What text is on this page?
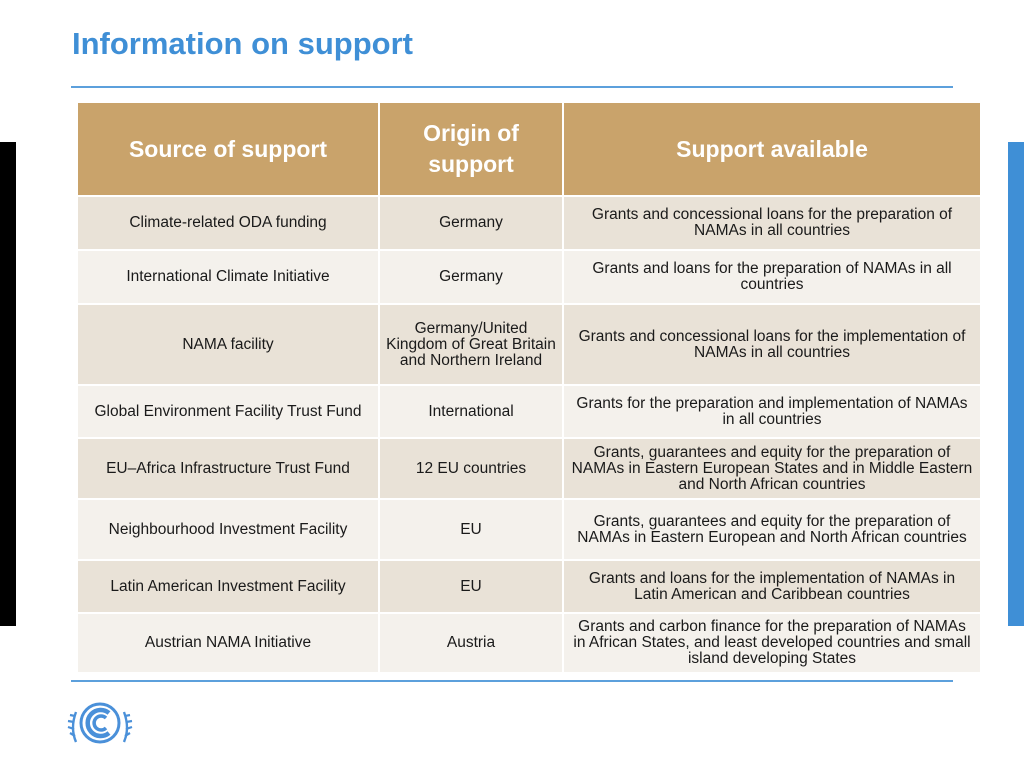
Information on support
Source of support	Origin of support	Support available
Climate-related ODA funding	Germany	Grants and concessional loans for the preparation of NAMAs in all countries
International Climate Initiative	Germany	Grants and loans for the preparation of NAMAs in all countries
NAMA facility	Germany/United Kingdom of Great Britain and Northern Ireland	Grants and concessional loans for the implementation of NAMAs in all countries
Global Environment Facility Trust Fund	International	Grants for the preparation and implementation of NAMAs in all countries
EU–Africa Infrastructure Trust Fund	12 EU countries	Grants, guarantees and equity for the preparation of NAMAs in Eastern European States and in Middle Eastern and North African countries
Neighbourhood Investment Facility	EU	Grants, guarantees and equity for the preparation of NAMAs in Eastern European and North African countries
Latin American Investment Facility	EU	Grants and loans for the implementation of NAMAs in Latin American and Caribbean countries
Austrian NAMA Initiative	Austria	Grants and carbon finance for the preparation of NAMAs in African States, and least developed countries and small island developing States
